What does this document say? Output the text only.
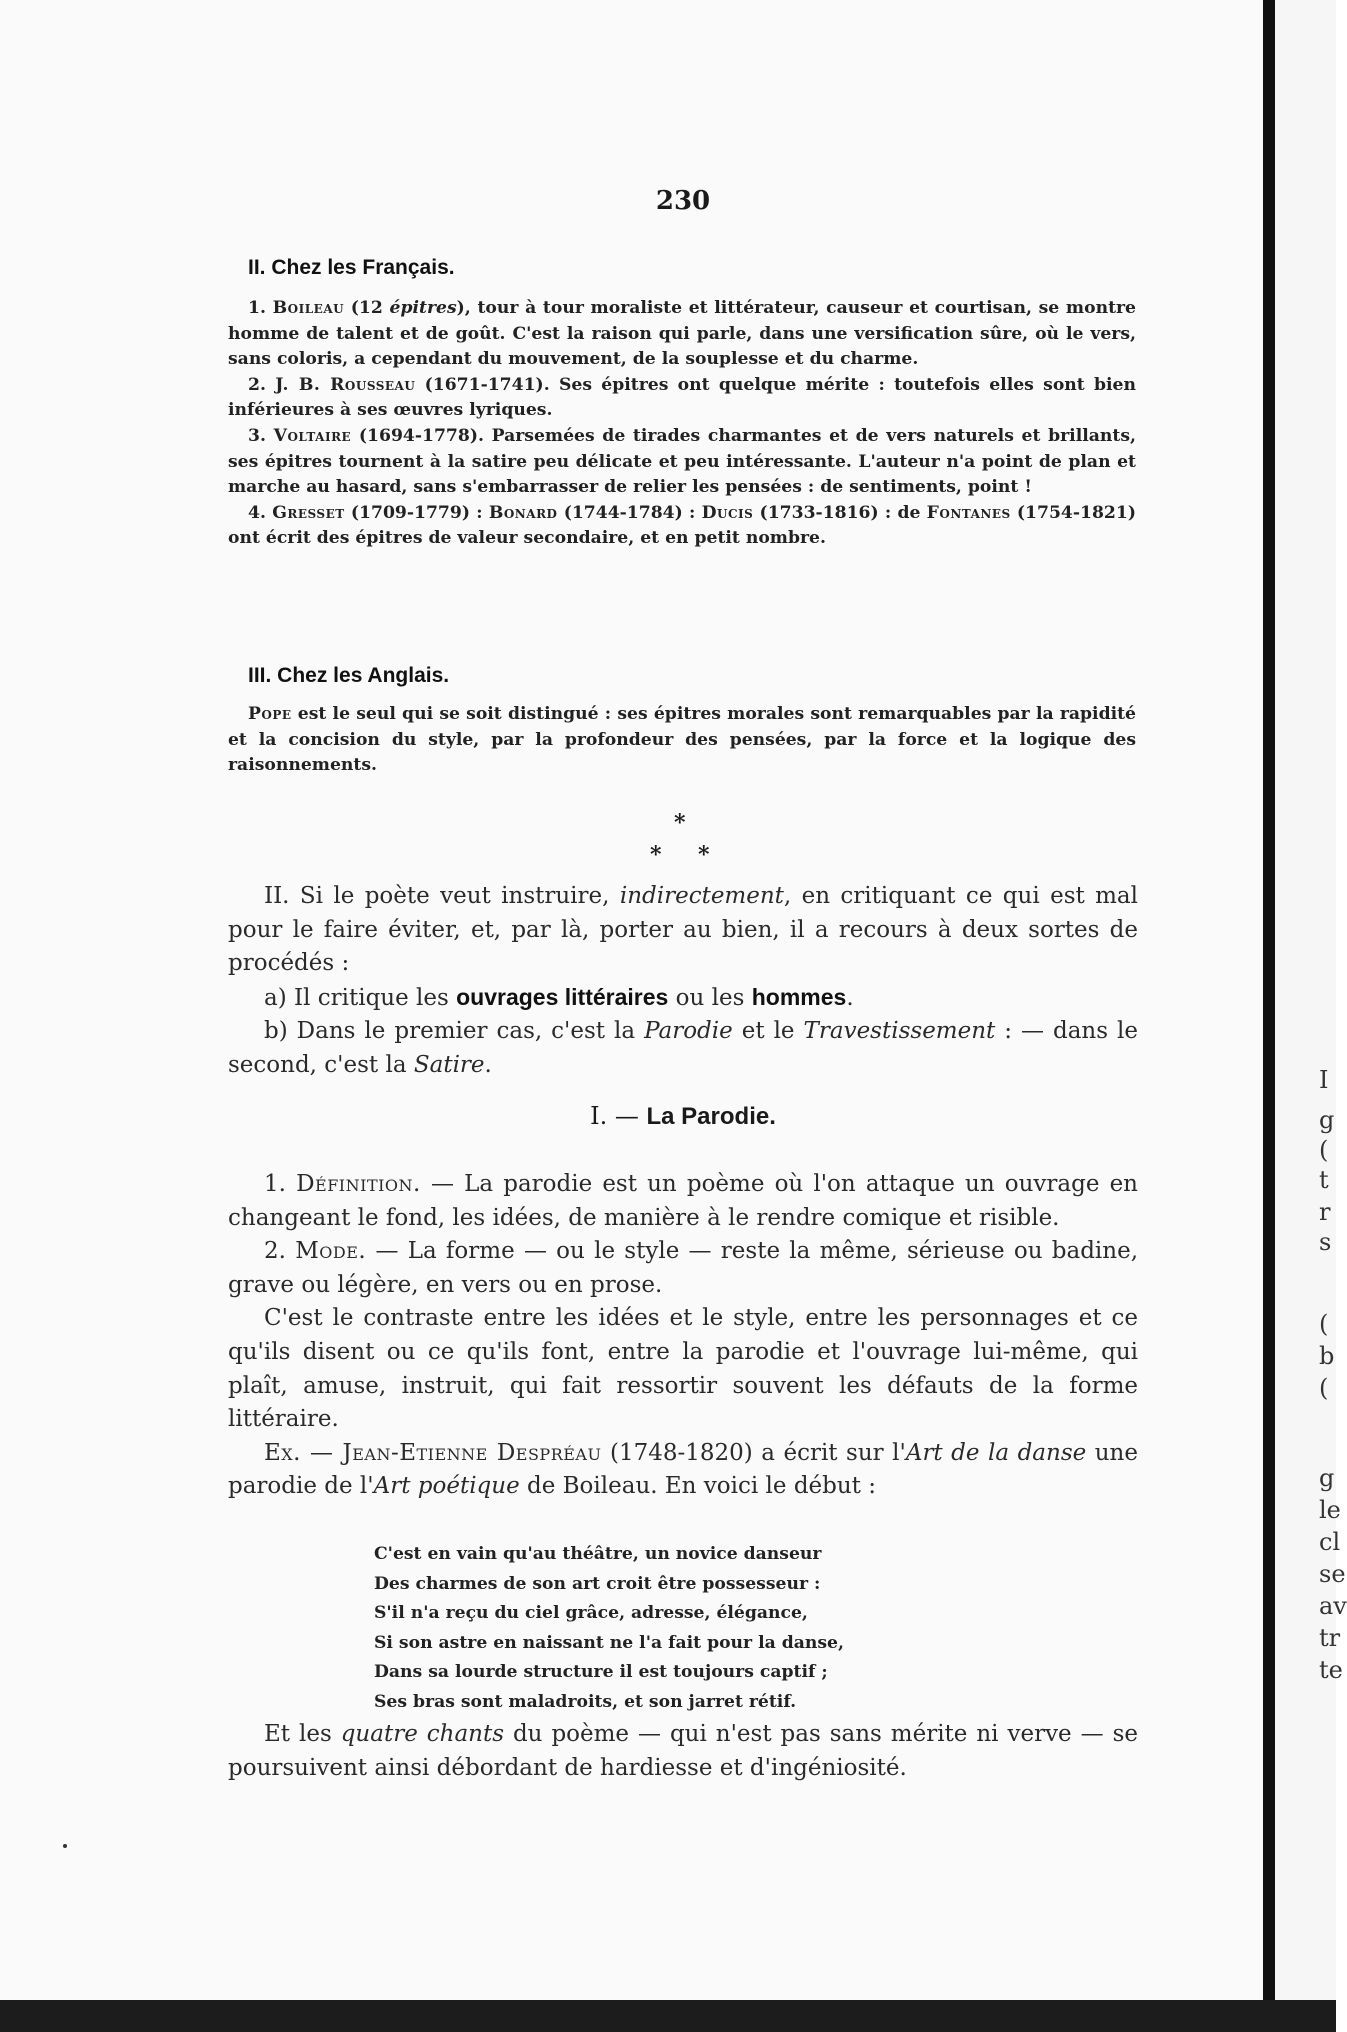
230
II. Chez les Français.

1. Boileau (12 épitres), tour à tour moraliste et littérateur, causeur et courtisan, se montre homme de talent et de goût. C'est la raison qui parle, dans une versification sûre, où le vers, sans coloris, a cependant du mouvement, de la souplesse et du charme.

2. J. B. Rousseau (1671-1741). Ses épitres ont quelque mérite : toutefois elles sont bien inférieures à ses œuvres lyriques.

3. Voltaire (1694-1778). Parsemées de tirades charmantes et de vers naturels et brillants, ses épitres tournent à la satire peu délicate et peu intéressante. L'auteur n'a point de plan et marche au hasard, sans s'embarrasser de relier les pensées : de sentiments, point !

4. Gresset (1709-1779) : Bonard (1744-1784) : Ducis (1733-1816) : de Fontanes (1754-1821) ont écrit des épitres de valeur secondaire, et en petit nombre.

III. Chez les Anglais.

Pope est le seul qui se soit distingué : ses épitres morales sont remarquables par la rapidité et la concision du style, par la profondeur des pensées, par la force et la logique des raisonnements.

*
* *

II. Si le poète veut instruire, indirectement, en critiquant ce qui est mal pour le faire éviter, et, par là, porter au bien, il a recours à deux sortes de procédés :

a) Il critique les ouvrages littéraires ou les hommes.

b) Dans le premier cas, c'est la Parodie et le Travestissement : — dans le second, c'est la Satire.

I. — La Parodie.

1. Définition. — La parodie est un poème où l'on attaque un ouvrage en changeant le fond, les idées, de manière à le rendre comique et risible.

2. Mode. — La forme — ou le style — reste la même, sérieuse ou badine, grave ou légère, en vers ou en prose.

C'est le contraste entre les idées et le style, entre les personnages et ce qu'ils disent ou ce qu'ils font, entre la parodie et l'ouvrage lui-même, qui plaît, amuse, instruit, qui fait ressortir souvent les défauts de la forme littéraire.

Ex. — Jean-Etienne Despréau (1748-1820) a écrit sur l'Art de la danse une parodie de l'Art poétique de Boileau. En voici le début :

C'est en vain qu'au théâtre, un novice danseur
Des charmes de son art croit être possesseur :
S'il n'a reçu du ciel grâce, adresse, élégance,
Si son astre en naissant ne l'a fait pour la danse,
Dans sa lourde structure il est toujours captif ;
Ses bras sont maladroits, et son jarret rétif.

Et les quatre chants du poème — qui n'est pas sans mérite ni verve — se poursuivent ainsi débordant de hardiesse et d'ingéniosité.

I
g
(
t
r
s
(
b
(
g
le
cl
se
av
tr
te
